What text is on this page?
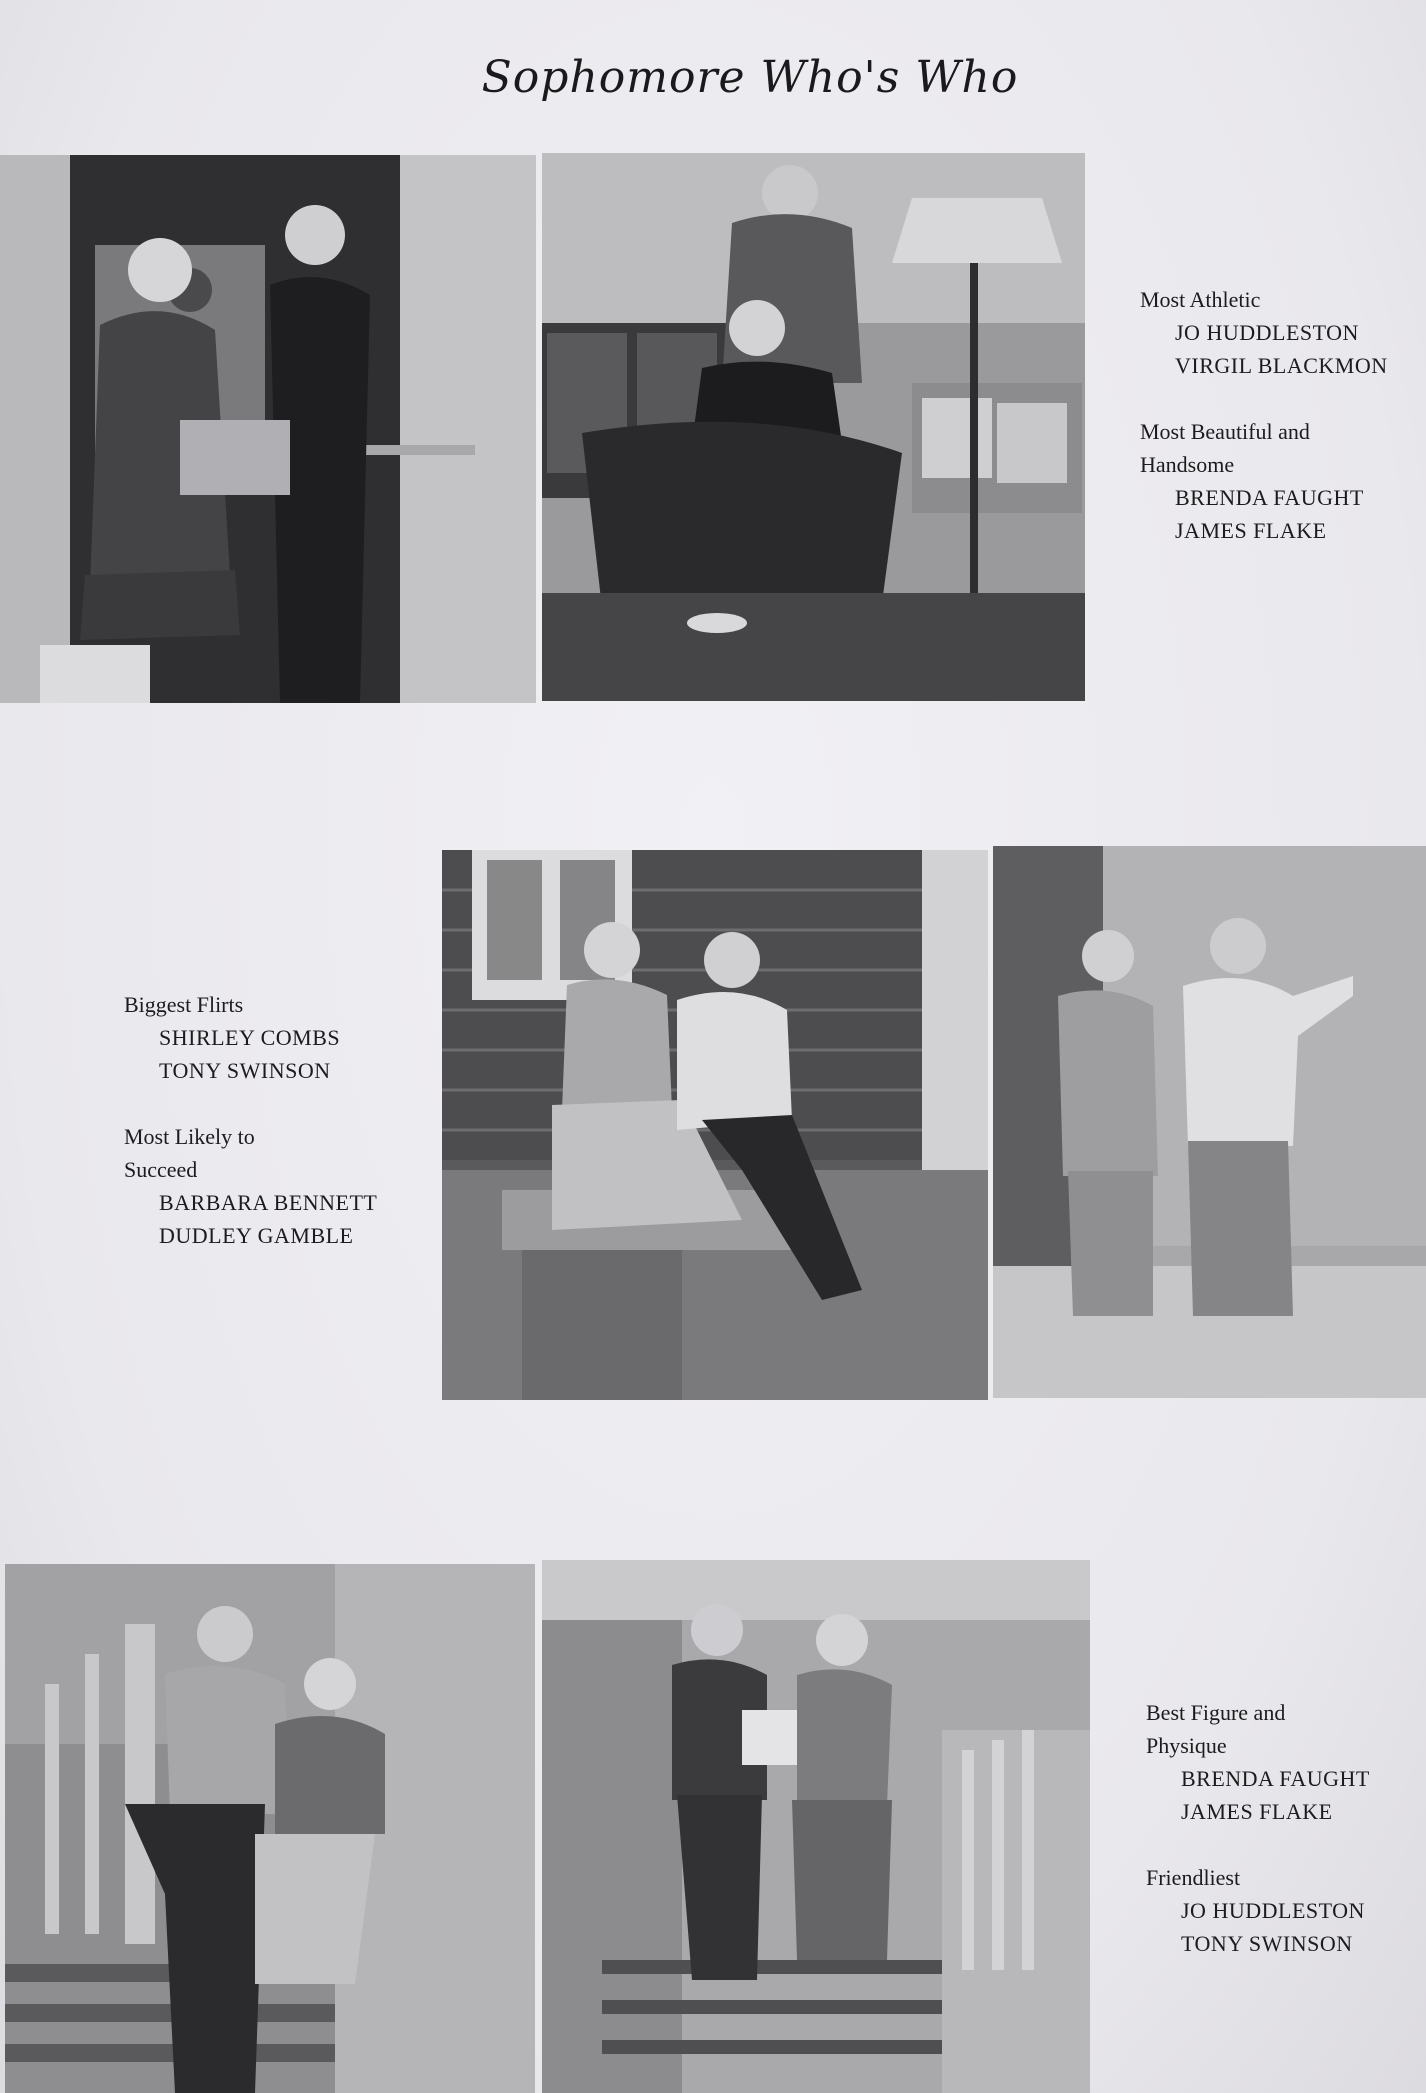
Sophomore Who's Who
Most Athletic
JO HUDDLESTON
VIRGIL BLACKMON
Most Beautiful and
Handsome
BRENDA FAUGHT
JAMES FLAKE
Biggest Flirts
SHIRLEY COMBS
TONY SWINSON
Most Likely to
Succeed
BARBARA BENNETT
DUDLEY GAMBLE
Best Figure and
Physique
BRENDA FAUGHT
JAMES FLAKE
Friendliest
JO HUDDLESTON
TONY SWINSON
